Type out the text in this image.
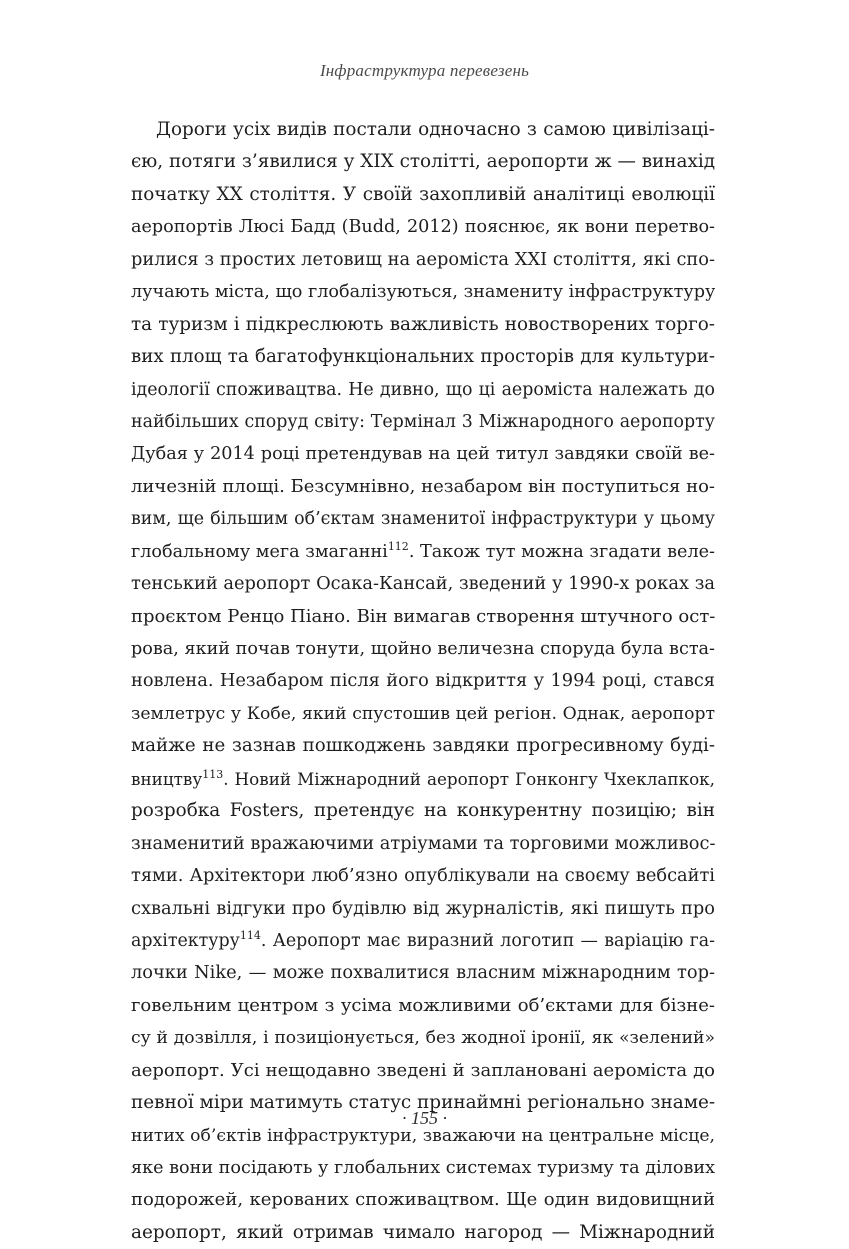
Інфраструктура перевезень
Дороги усіх видів постали одночасно з самою цивілізаці-
єю, потяги з’явилися у ХІХ столітті, аеропорти ж — винахід
початку ХХ століття. У своїй захопливій аналітиці еволюції
аеропортів Люсі Бадд (Budd, 2012) пояснює, як вони перетво-
рилися з простих летовищ на аеромістa ХХІ століття, які спо-
лучають міста, що глобалізуються, знамениту інфраструктуру
та туризм і підкреслюють важливість новостворених торго-
вих площ та багатофункціональних просторів для культури-
ідеології споживацтва. Не дивно, що ці аеромістa належать до
найбільших споруд світу: Термінал 3 Міжнародного аеропорту
Дубая у 2014 році претендував на цей титул завдяки своїй ве-
личезній площі. Безсумнівно, незабаром він поступиться но-
вим, ще більшим об’єктам знаменитої інфраструктури у цьому
глобальному мега змаганні$^{112}$. Також тут можна згадати веле-
тенський аеропорт Осака-Кансай, зведений у 1990-х роках за
проєктом Ренцо Піано. Він вимагав створення штучного ост-
рова, який почав тонути, щойно величезна споруда була вста-
новлена. Незабаром після його відкриття у 1994 році, стався
землетрус у Кобе, який спустошив цей регіон. Однак, аеропорт
майже не зазнав пошкоджень завдяки прогресивному буді-
вництву$^{113}$. Новий Міжнародний аеропорт Гонконгу Чхеклапкок,
розробка Fosters, претендує на конкурентну позицію; він
знаменитий вражаючими атріумами та торговими можливос-
тями. Архітектори люб’язно опублікували на своєму вебсайті
схвальні відгуки про будівлю від журналістів, які пишуть про
архітектуру$^{114}$. Аеропорт має виразний логотип — варіацію га-
лочки Nike, — може похвалитися власним міжнародним тор-
говельним центром з усіма можливими об’єктами для бізне-
су й дозвілля, і позиціонується, без жодної іронії, як «зелений»
аеропорт. Усі нещодавно зведені й заплановані аеромістa до
певної міри матимуть статус принаймні регіонально знаме-
нитих об’єктів інфраструктури, зважаючи на центральне місце,
яке вони посідають у глобальних системах туризму та ділових
подорожей, керованих споживацтвом. Ще один видовищний
аеропорт, який отримав чимало нагород — Міжнародний
· 155 ·
